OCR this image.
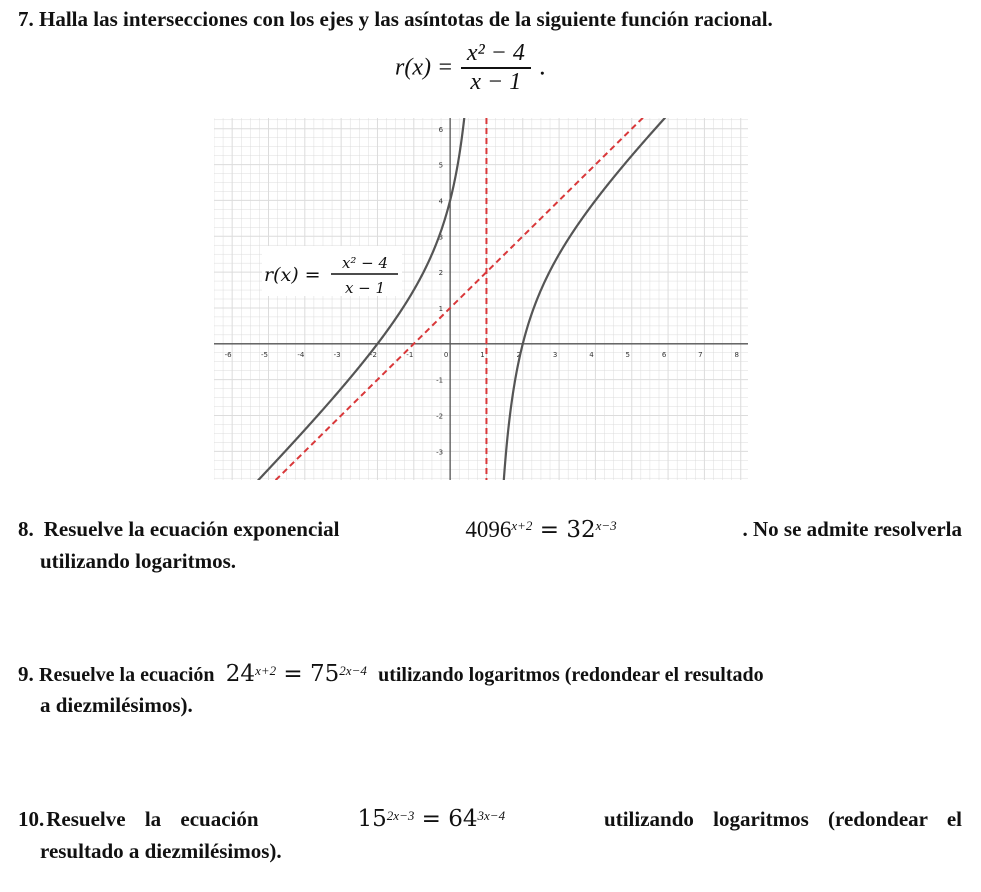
7. Halla las intersecciones con los ejes y las asíntotas de la siguiente función racional.
$r(x) = \frac{\text{x² − 4}}{x - 1}$ .
-6	-5	-4	-3	-2	-1	0	1	2	3	4	5	6	7	8
6
5
4
3
2
1
-1
-2
-3
r(x) =
x² − 4
x − 1
8. Resuelve la ecuación exponencial	$4096^{x+2} = 32^{x-3}$	. No se admite resolverla
utilizando logaritmos.
9. Resuelve la ecuación $24^{x+2} = 75^{2x-4}$ utilizando logaritmos (redondear el resultado
a diezmilésimos).
10. Resuelve la ecuación	$15^{2x-3} = 64^{3x-4}$	utilizando logaritmos (redondear el
resultado a diezmilésimos).
